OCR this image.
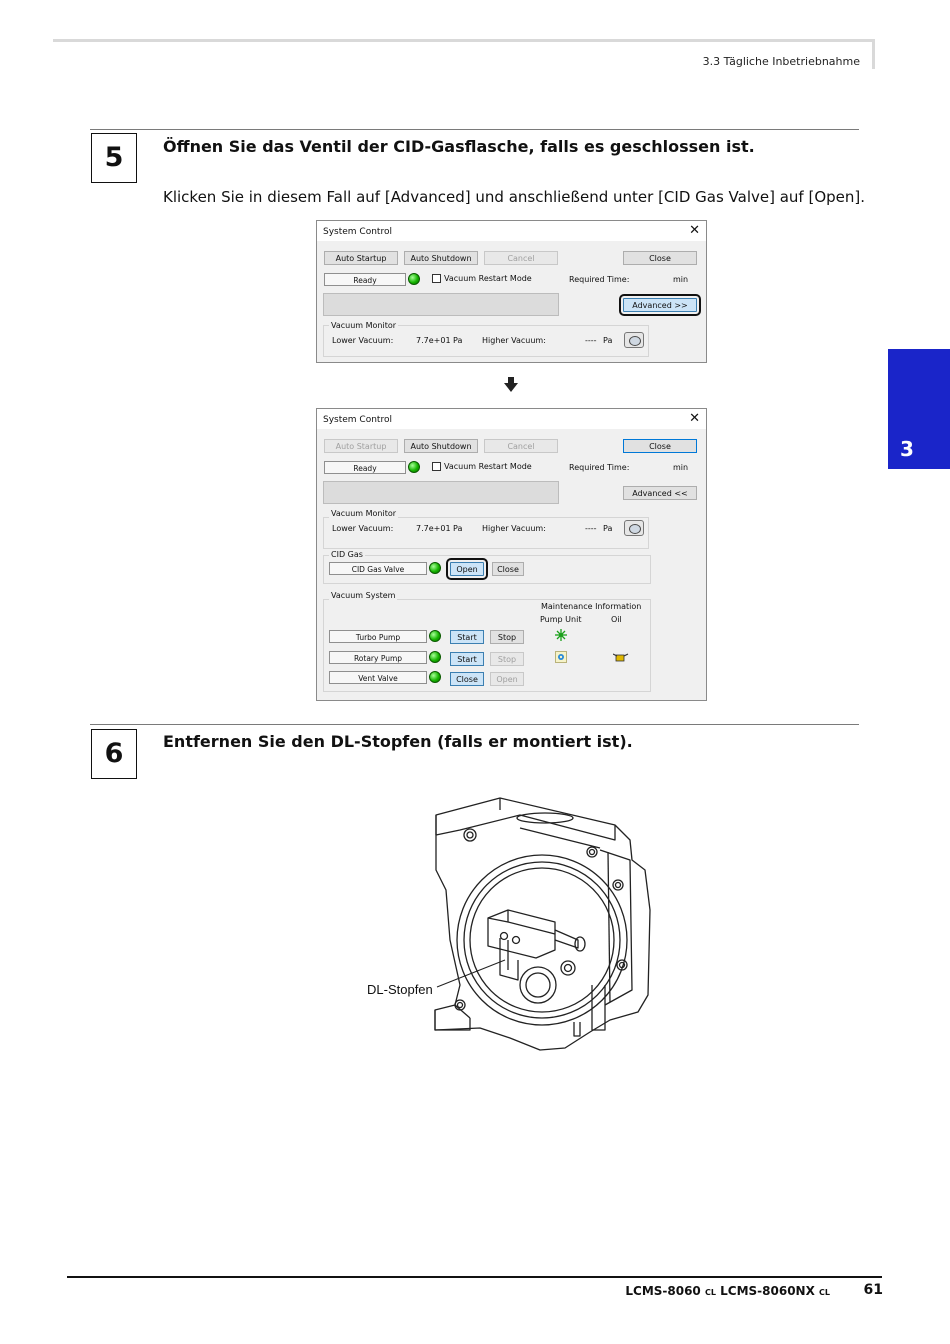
3.3 Tägliche Inbetriebnahme
3
5	Öffnen Sie das Ventil der CID-Gasflasche, falls es geschlossen ist.
Klicken Sie in diesem Fall auf [Advanced] und anschließend unter [CID Gas Valve] auf [Open].
System Control	✕
Auto Startup	Auto Shutdown	Cancel	Close
Ready	Vacuum Restart Mode	Required Time:	min
Advanced >>
Vacuum Monitor
Lower Vacuum:	7.7e+01 Pa Higher Vacuum:	---- Pa
System Control	✕
Auto Startup	Auto Shutdown	Cancel	Close
Ready	Vacuum Restart Mode	Required Time:	min
Advanced <<
Vacuum Monitor
Lower Vacuum:	7.7e+01 Pa Higher Vacuum:	---- Pa
CID Gas
CID Gas Valve	Open	Close
Vacuum System
Maintenance Information
Pump Unit	Oil
Turbo Pump	Start	Stop
Rotary Pump	Start	Stop
Vent Valve	Close	Open
6	Entfernen Sie den DL-Stopfen (falls er montiert ist).
DL-Stopfen
LCMS-8060 CL LCMS-8060NX CL 61
